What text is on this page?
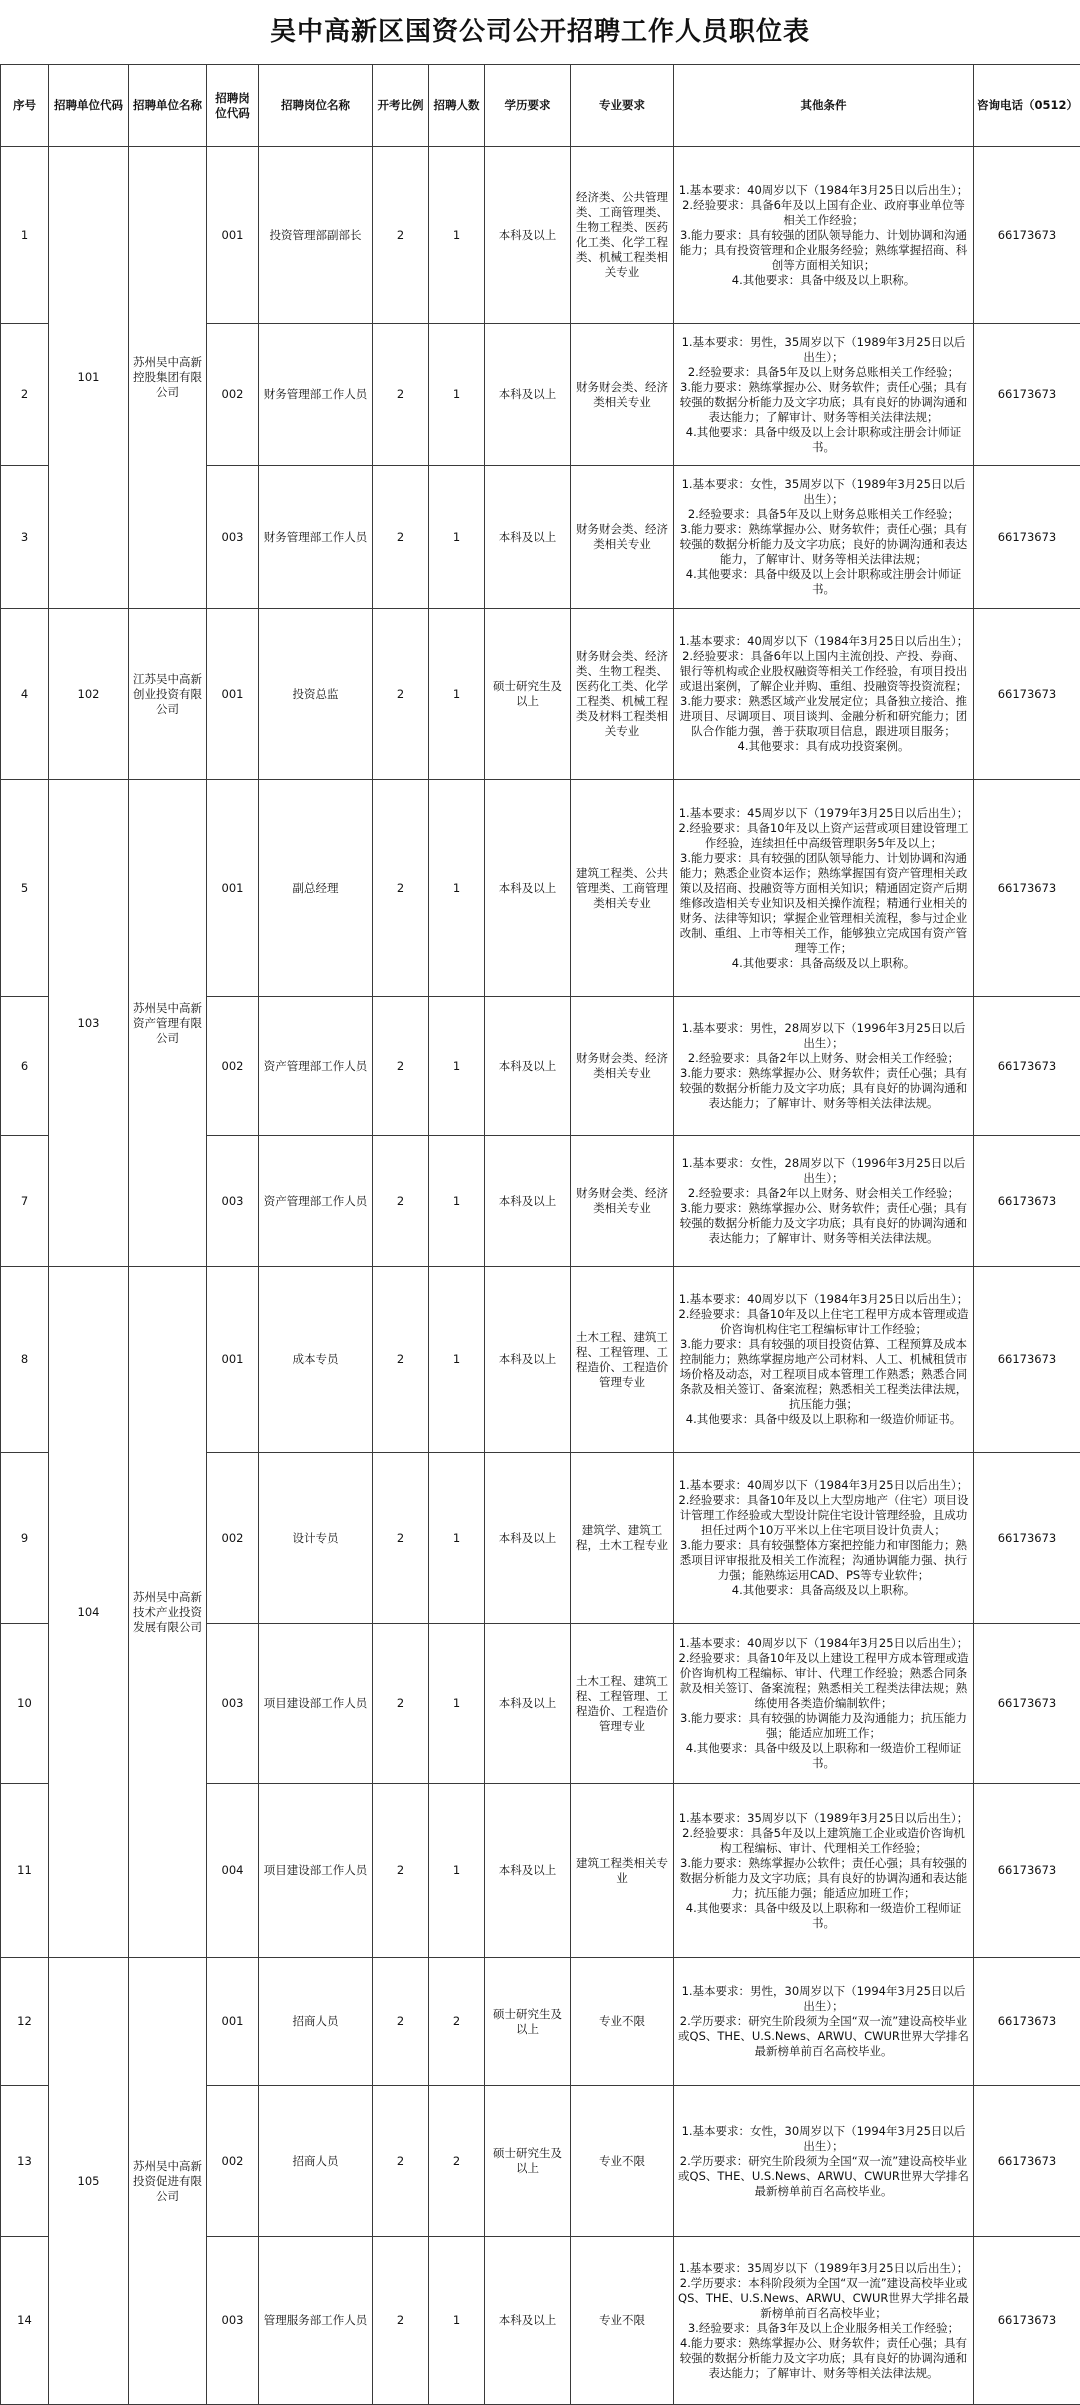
吴中高新区国资公司公开招聘工作人员职位表
序号	招聘单位代码	招聘单位名称	招聘岗位代码	招聘岗位名称	开考比例	招聘人数	学历要求	专业要求	其他条件	咨询电话（0512）
1	101	苏州吴中高新控股集团有限公司	001	投资管理部副部长	2	1	本科及以上	经济类、公共管理类、工商管理类、生物工程类、医药化工类、化学工程类、机械工程类相关专业	1.基本要求：40周岁以下（1984年3月25日以后出生）；
2.经验要求：具备6年及以上国有企业、政府事业单位等相关工作经验；
3.能力要求：具有较强的团队领导能力、计划协调和沟通能力；具有投资管理和企业服务经验；熟练掌握招商、科创等方面相关知识；
4.其他要求：具备中级及以上职称。	66173673
2			002	财务管理部工作人员	2	1	本科及以上	财务财会类、经济类相关专业	1.基本要求：男性，35周岁以下（1989年3月25日以后出生）；
2.经验要求：具备5年及以上财务总账相关工作经验；
3.能力要求：熟练掌握办公、财务软件；责任心强；具有较强的数据分析能力及文字功底；具有良好的协调沟通和表达能力；了解审计、财务等相关法律法规；
4.其他要求：具备中级及以上会计职称或注册会计师证书。	66173673
3			003	财务管理部工作人员	2	1	本科及以上	财务财会类、经济类相关专业	1.基本要求：女性，35周岁以下（1989年3月25日以后出生）；
2.经验要求：具备5年及以上财务总账相关工作经验；
3.能力要求：熟练掌握办公、财务软件；责任心强；具有较强的数据分析能力及文字功底；良好的协调沟通和表达能力，了解审计、财务等相关法律法规；
4.其他要求：具备中级及以上会计职称或注册会计师证书。	66173673
4	102	江苏吴中高新创业投资有限公司	001	投资总监	2	1	硕士研究生及以上	财务财会类、经济类、生物工程类、医药化工类、化学工程类、机械工程类及材料工程类相关专业	1.基本要求：40周岁以下（1984年3月25日以后出生）；
2.经验要求：具备6年以上国内主流创投、产投、券商、银行等机构或企业股权融资等相关工作经验，有项目投出或退出案例，了解企业并购、重组、投融资等投资流程；
3.能力要求：熟悉区域产业发展定位；具备独立接洽、推进项目、尽调项目、项目谈判、金融分析和研究能力；团队合作能力强，善于获取项目信息，跟进项目服务；
4.其他要求：具有成功投资案例。	66173673
5	103	苏州吴中高新资产管理有限公司	001	副总经理	2	1	本科及以上	建筑工程类、公共管理类、工商管理类相关专业	1.基本要求：45周岁以下（1979年3月25日以后出生）；
2.经验要求：具备10年及以上资产运营或项目建设管理工作经验，连续担任中高级管理职务5年及以上；
3.能力要求：具有较强的团队领导能力、计划协调和沟通能力；熟悉企业资本运作；熟练掌握国有资产管理相关政策以及招商、投融资等方面相关知识；精通固定资产后期维修改造相关专业知识及相关操作流程；精通行业相关的财务、法律等知识；掌握企业管理相关流程，参与过企业改制、重组、上市等相关工作，能够独立完成国有资产管理等工作；
4.其他要求：具备高级及以上职称。	66173673
6			002	资产管理部工作人员	2	1	本科及以上	财务财会类、经济类相关专业	1.基本要求：男性，28周岁以下（1996年3月25日以后出生）；
2.经验要求：具备2年以上财务、财会相关工作经验；
3.能力要求：熟练掌握办公、财务软件；责任心强；具有较强的数据分析能力及文字功底；具有良好的协调沟通和表达能力；了解审计、财务等相关法律法规。	66173673
7			003	资产管理部工作人员	2	1	本科及以上	财务财会类、经济类相关专业	1.基本要求：女性，28周岁以下（1996年3月25日以后出生）；
2.经验要求：具备2年以上财务、财会相关工作经验；
3.能力要求：熟练掌握办公、财务软件；责任心强；具有较强的数据分析能力及文字功底；具有良好的协调沟通和表达能力；了解审计、财务等相关法律法规。	66173673
8	104	苏州吴中高新技术产业投资发展有限公司	001	成本专员	2	1	本科及以上	土木工程、建筑工程、工程管理、工程造价、工程造价管理专业	1.基本要求：40周岁以下（1984年3月25日以后出生）；
2.经验要求：具备10年及以上住宅工程甲方成本管理或造价咨询机构住宅工程编标审计工作经验；
3.能力要求：具有较强的项目投资估算、工程预算及成本控制能力；熟练掌握房地产公司材料、人工、机械租赁市场价格及动态，对工程项目成本管理工作熟悉；熟悉合同条款及相关签订、备案流程；熟悉相关工程类法律法规，抗压能力强；
4.其他要求：具备中级及以上职称和一级造价师证书。	66173673
9			002	设计专员	2	1	本科及以上	建筑学、建筑工程，土木工程专业	1.基本要求：40周岁以下（1984年3月25日以后出生）；
2.经验要求：具备10年及以上大型房地产（住宅）项目设计管理工作经验或大型设计院住宅设计管理经验，且成功担任过两个10万平米以上住宅项目设计负责人；
3.能力要求：具有较强整体方案把控能力和审图能力；熟悉项目评审报批及相关工作流程；沟通协调能力强、执行力强；能熟练运用CAD、PS等专业软件；
4.其他要求：具备高级及以上职称。	66173673
10			003	项目建设部工作人员	2	1	本科及以上	土木工程、建筑工程、工程管理、工程造价、工程造价管理专业	1.基本要求：40周岁以下（1984年3月25日以后出生）；
2.经验要求：具备10年及以上建设工程甲方成本管理或造价咨询机构工程编标、审计、代理工作经验；熟悉合同条款及相关签订、备案流程；熟悉相关工程类法律法规；熟练使用各类造价编制软件；
3.能力要求：具有较强的协调能力及沟通能力；抗压能力强；能适应加班工作；
4.其他要求：具备中级及以上职称和一级造价工程师证书。	66173673
11			004	项目建设部工作人员	2	1	本科及以上	建筑工程类相关专业	1.基本要求：35周岁以下（1989年3月25日以后出生）；
2.经验要求：具备5年及以上建筑施工企业或造价咨询机构工程编标、审计、代理相关工作经验；
3.能力要求：熟练掌握办公软件；责任心强；具有较强的数据分析能力及文字功底；具有良好的协调沟通和表达能力；抗压能力强；能适应加班工作；
4.其他要求：具备中级及以上职称和一级造价工程师证书。	66173673
12	105	苏州吴中高新投资促进有限公司	001	招商人员	2	2	硕士研究生及以上	专业不限	1.基本要求：男性，30周岁以下（1994年3月25日以后出生）；
2.学历要求：研究生阶段须为全国“双一流”建设高校毕业或QS、THE、U.S.News、ARWU、CWUR世界大学排名最新榜单前百名高校毕业。	66173673
13			002	招商人员	2	2	硕士研究生及以上	专业不限	1.基本要求：女性，30周岁以下（1994年3月25日以后出生）；
2.学历要求：研究生阶段须为全国“双一流”建设高校毕业或QS、THE、U.S.News、ARWU、CWUR世界大学排名最新榜单前百名高校毕业。	66173673
14			003	管理服务部工作人员	2	1	本科及以上	专业不限	1.基本要求：35周岁以下（1989年3月25日以后出生）；
2.学历要求：本科阶段须为全国“双一流”建设高校毕业或QS、THE、U.S.News、ARWU、CWUR世界大学排名最新榜单前百名高校毕业；
3.经验要求：具备3年及以上企业服务相关工作经验；
4.能力要求：熟练掌握办公、财务软件；责任心强；具有较强的数据分析能力及文字功底；具有良好的协调沟通和表达能力；了解审计、财务等相关法律法规。	66173673
